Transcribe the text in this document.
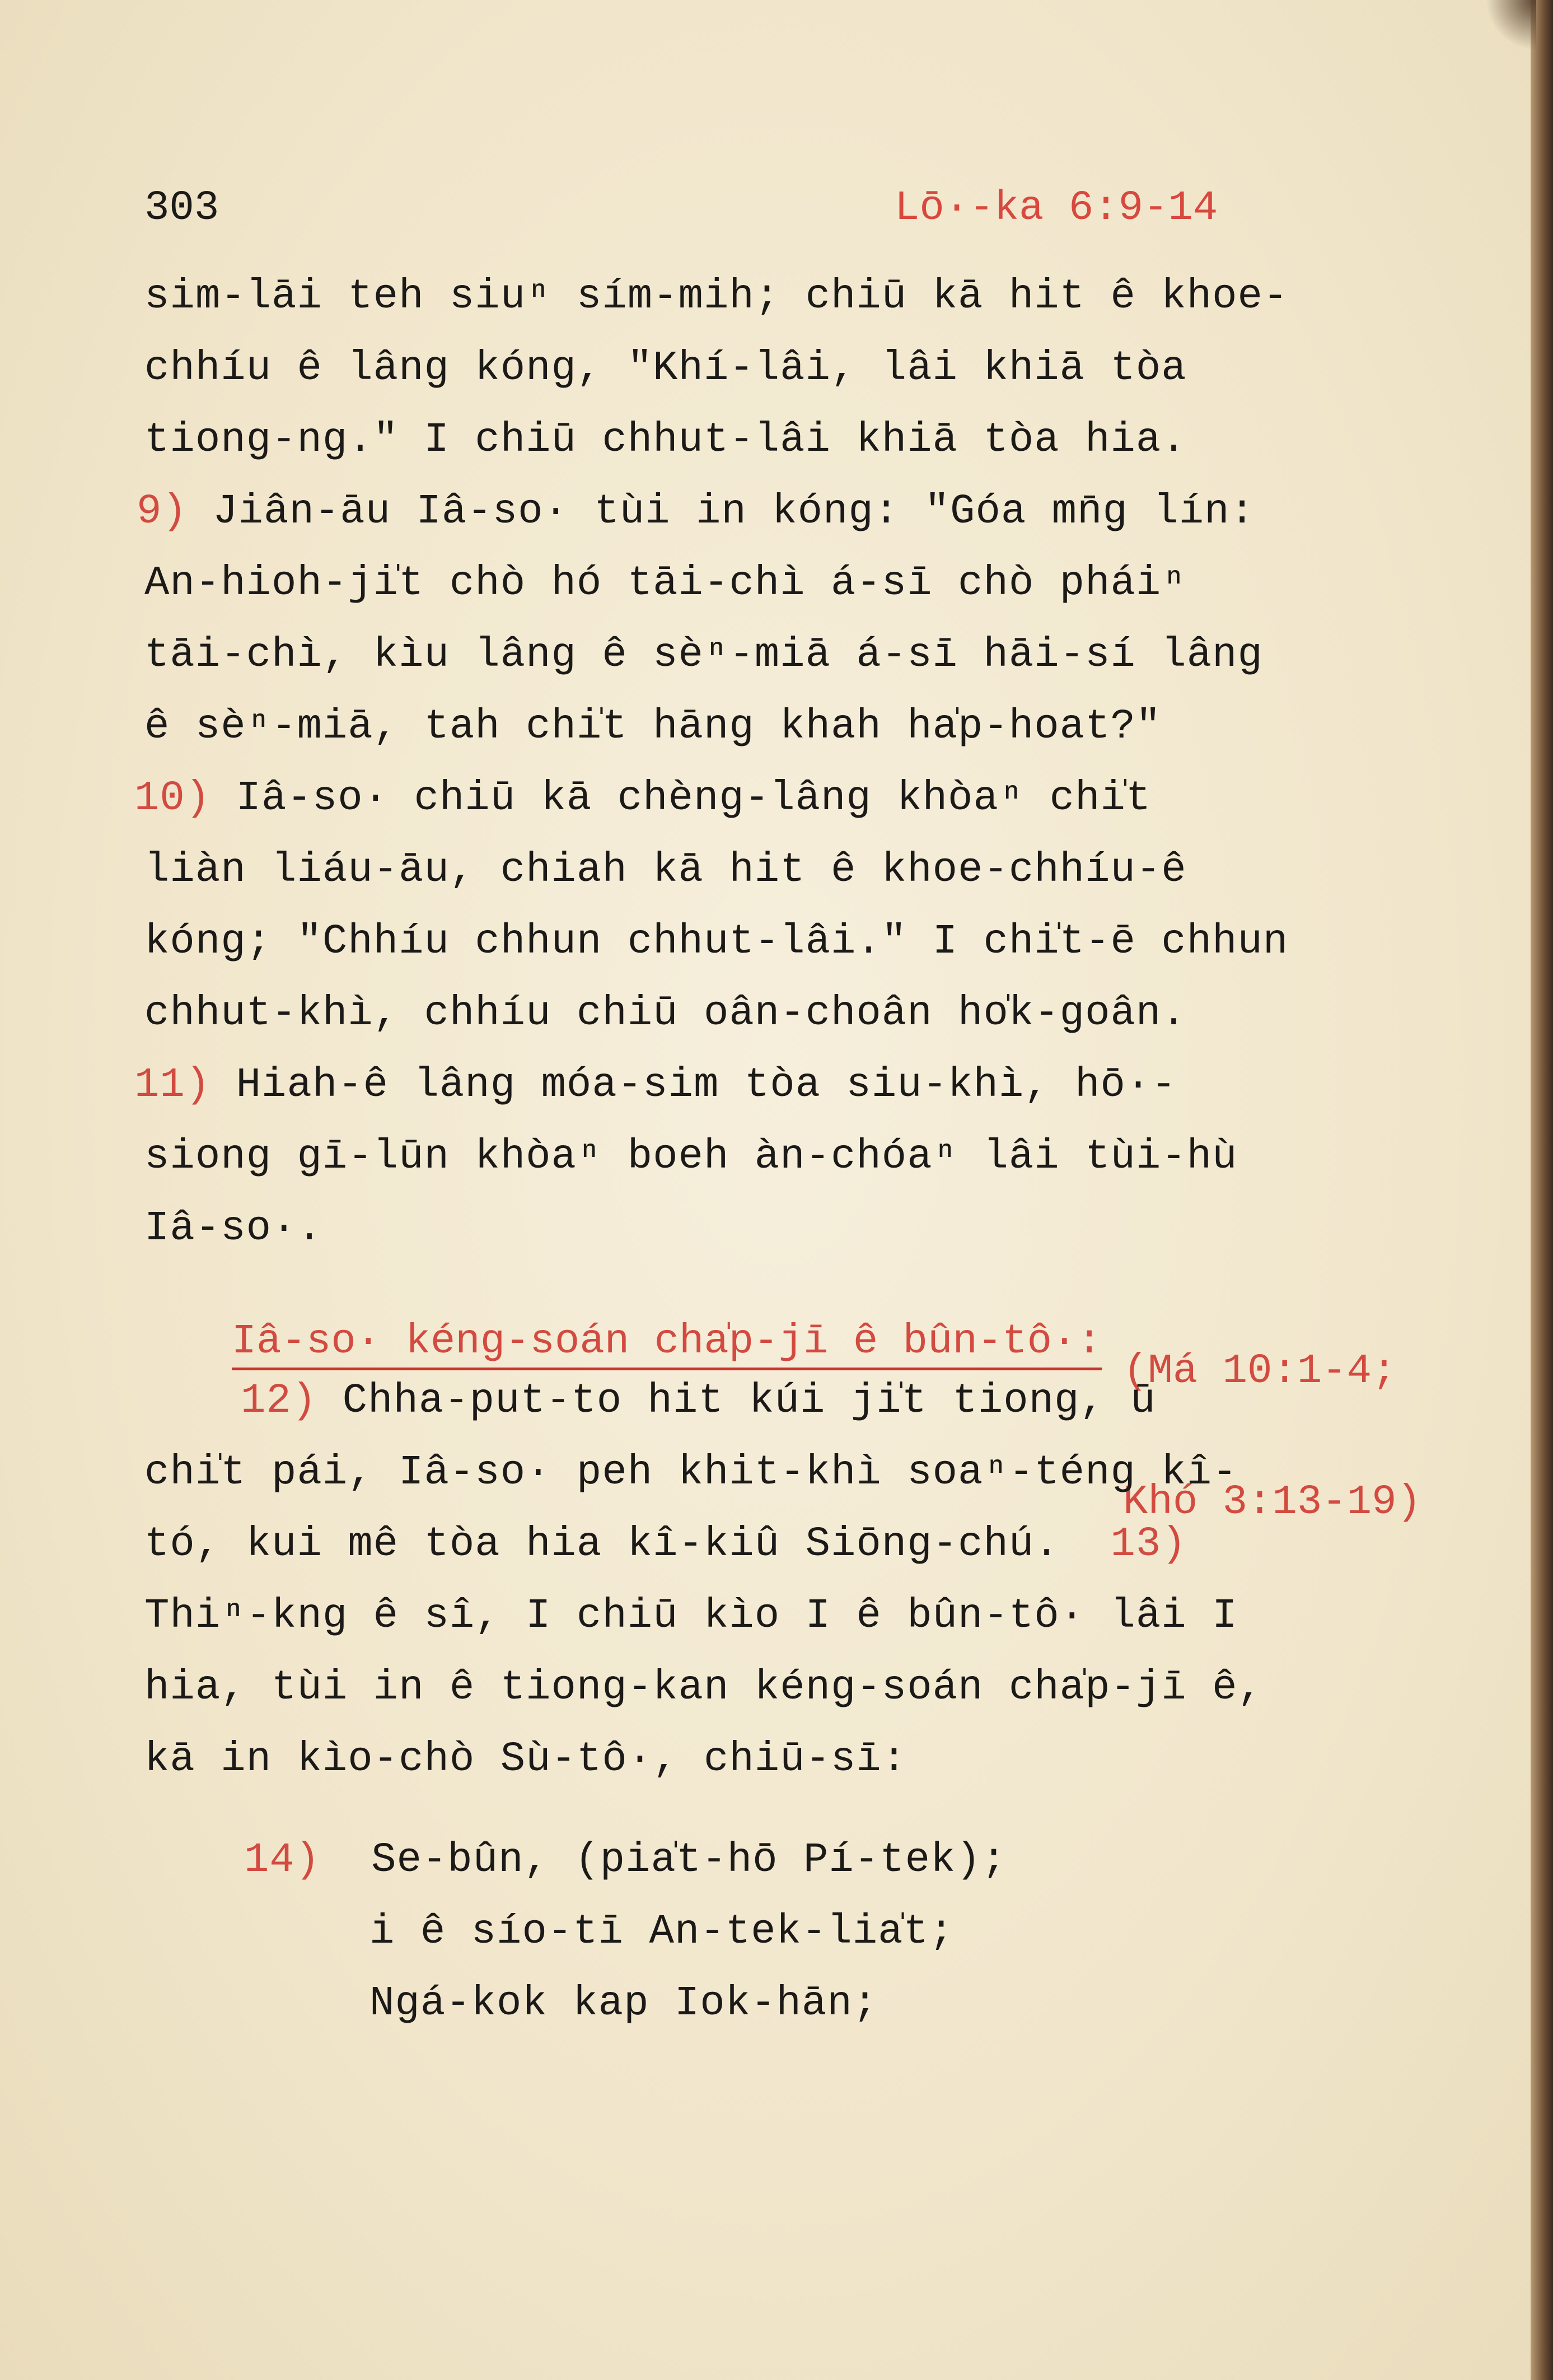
303	Lō·-ka 6:9-14
sim-lāi teh siuⁿ sím-mih; chiū kā hit ê khoe-
chhíu ê lâng kóng, "Khí-lâi, lâi khiā tòa
tiong-ng." I chiū chhut-lâi khiā tòa hia.
9) Jiân-āu Iâ-so· tùi in kóng: "Góa mn̄g lín:
An-hioh-ji̍t chò hó tāi-chì á-sī chò pháiⁿ
tāi-chì, kìu lâng ê sèⁿ-miā á-sī hāi-sí lâng
ê sèⁿ-miā, tah chi̍t hāng khah ha̍p-hoat?"
10) Iâ-so· chiū kā chèng-lâng khòaⁿ chi̍t
liàn liáu-āu, chiah kā hit ê khoe-chhíu-ê
kóng; "Chhíu chhun chhut-lâi." I chi̍t-ē chhun
chhut-khì, chhíu chiū oân-choân ho̍k-goân.
11) Hiah-ê lâng móa-sim tòa siu-khì, hō·-
siong gī-lūn khòaⁿ boeh àn-chóaⁿ lâi tùi-hù
Iâ-so·.

Iâ-so· kéng-soán cha̍p-jī ê bûn-tô·:

(Má 10:1-4;

Khó 3:13-19)

12) Chha-put-to hit kúi ji̍t tiong, ū
chi̍t pái, Iâ-so· peh khit-khì soaⁿ-téng kî-
tó, kui mê tòa hia kî-kiû Siōng-chú. 13)
Thiⁿ-kng ê sî, I chiū kìo I ê bûn-tô· lâi I
hia, tùi in ê tiong-kan kéng-soán cha̍p-jī ê,
kā in kìo-chò Sù-tô·, chiū-sī:
14) Se-bûn, (pia̍t-hō Pí-tek);
i ê sío-tī An-tek-lia̍t;
Ngá-kok kap Iok-hān;
